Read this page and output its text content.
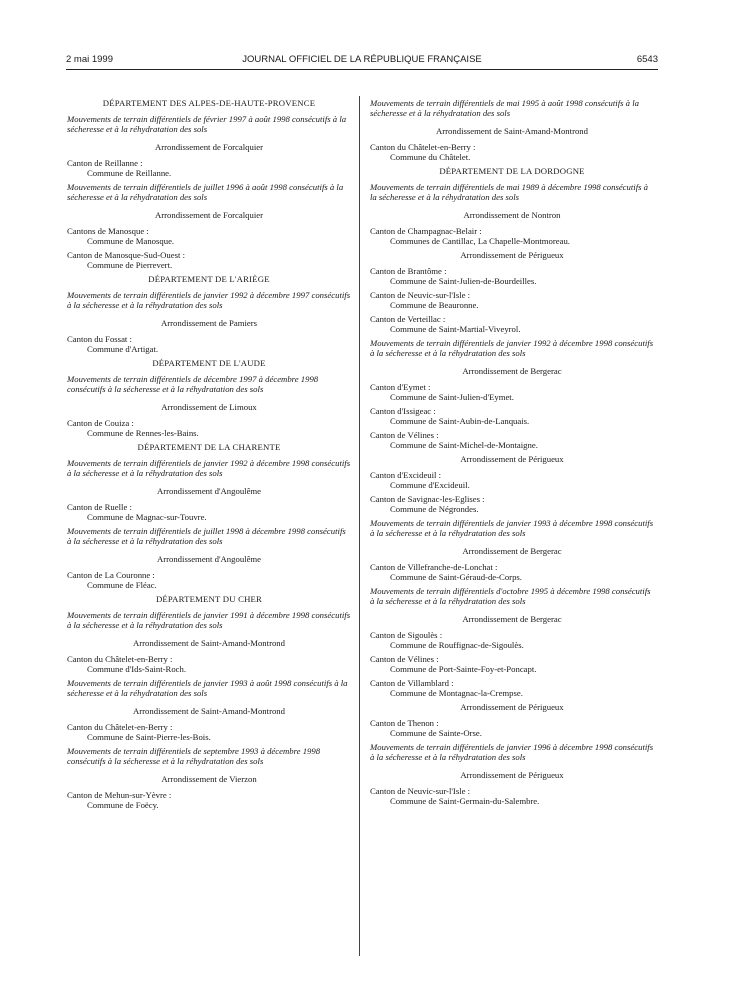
2 mai 1999	JOURNAL OFFICIEL DE LA RÉPUBLIQUE FRANÇAISE	6543
DÉPARTEMENT DES ALPES-DE-HAUTE-PROVENCE
Mouvements de terrain différentiels de février 1997 à août 1998 consécutifs à la sécheresse et à la réhydratation des sols
Arrondissement de Forcalquier
Canton de Reillanne :
Commune de Reillanne.
Mouvements de terrain différentiels de juillet 1996 à août 1998 consécutifs à la sécheresse et à la réhydratation des sols
Arrondissement de Forcalquier
Cantons de Manosque :
Commune de Manosque.
Canton de Manosque-Sud-Ouest :
Commune de Pierrevert.
DÉPARTEMENT DE L'ARIÈGE
Mouvements de terrain différentiels de janvier 1992 à décembre 1997 consécutifs à la sécheresse et à la réhydratation des sols
Arrondissement de Pamiers
Canton du Fossat :
Commune d'Artigat.
DÉPARTEMENT DE L'AUDE
Mouvements de terrain différentiels de décembre 1997 à décembre 1998 consécutifs à la sécheresse et à la réhydratation des sols
Arrondissement de Limoux
Canton de Couiza :
Commune de Rennes-les-Bains.
DÉPARTEMENT DE LA CHARENTE
Mouvements de terrain différentiels de janvier 1992 à décembre 1998 consécutifs à la sécheresse et à la réhydratation des sols
Arrondissement d'Angoulême
Canton de Ruelle :
Commune de Magnac-sur-Touvre.
Mouvements de terrain différentiels de juillet 1998 à décembre 1998 consécutifs à la sécheresse et à la réhydratation des sols
Arrondissement d'Angoulême
Canton de La Couronne :
Commune de Fléac.
DÉPARTEMENT DU CHER
Mouvements de terrain différentiels de janvier 1991 à décembre 1998 consécutifs à la sécheresse et à la réhydratation des sols
Arrondissement de Saint-Amand-Montrond
Canton du Châtelet-en-Berry :
Commune d'Ids-Saint-Roch.
Mouvements de terrain différentiels de janvier 1993 à août 1998 consécutifs à la sécheresse et à la réhydratation des sols
Arrondissement de Saint-Amand-Montrond
Canton du Châtelet-en-Berry :
Commune de Saint-Pierre-les-Bois.
Mouvements de terrain différentiels de septembre 1993 à décembre 1998 consécutifs à la sécheresse et à la réhydratation des sols
Arrondissement de Vierzon
Canton de Mehun-sur-Yèvre :
Commune de Foëcy.
Mouvements de terrain différentiels de mai 1995 à août 1998 consécutifs à la sécheresse et à la réhydratation des sols
Arrondissement de Saint-Amand-Montrond
Canton du Châtelet-en-Berry :
Commune du Châtelet.
DÉPARTEMENT DE LA DORDOGNE
Mouvements de terrain différentiels de mai 1989 à décembre 1998 consécutifs à la sécheresse et à la réhydratation des sols
Arrondissement de Nontron
Canton de Champagnac-Belair :
Communes de Cantillac, La Chapelle-Montmoreau.
Arrondissement de Périgueux
Canton de Brantôme :
Commune de Saint-Julien-de-Bourdeilles.
Canton de Neuvic-sur-l'Isle :
Commune de Beauronne.
Canton de Verteillac :
Commune de Saint-Martial-Viveyrol.
Mouvements de terrain différentiels de janvier 1992 à décembre 1998 consécutifs à la sécheresse et à la réhydratation des sols
Arrondissement de Bergerac
Canton d'Eymet :
Commune de Saint-Julien-d'Eymet.
Canton d'Issigeac :
Commune de Saint-Aubin-de-Lanquais.
Canton de Vélines :
Commune de Saint-Michel-de-Montaigne.
Arrondissement de Périgueux
Canton d'Excideuil :
Commune d'Excideuil.
Canton de Savignac-les-Eglises :
Commune de Négrondes.
Mouvements de terrain différentiels de janvier 1993 à décembre 1998 consécutifs à la sécheresse et à la réhydratation des sols
Arrondissement de Bergerac
Canton de Villefranche-de-Lonchat :
Commune de Saint-Géraud-de-Corps.
Mouvements de terrain différentiels d'octobre 1995 à décembre 1998 consécutifs à la sécheresse et à la réhydratation des sols
Arrondissement de Bergerac
Canton de Sigoulès :
Commune de Rouffignac-de-Sigoulès.
Canton de Vélines :
Commune de Port-Sainte-Foy-et-Poncapt.
Canton de Villamblard :
Commune de Montagnac-la-Crempse.
Arrondissement de Périgueux
Canton de Thenon :
Commune de Sainte-Orse.
Mouvements de terrain différentiels de janvier 1996 à décembre 1998 consécutifs à la sécheresse et à la réhydratation des sols
Arrondissement de Périgueux
Canton de Neuvic-sur-l'Isle :
Commune de Saint-Germain-du-Salembre.
